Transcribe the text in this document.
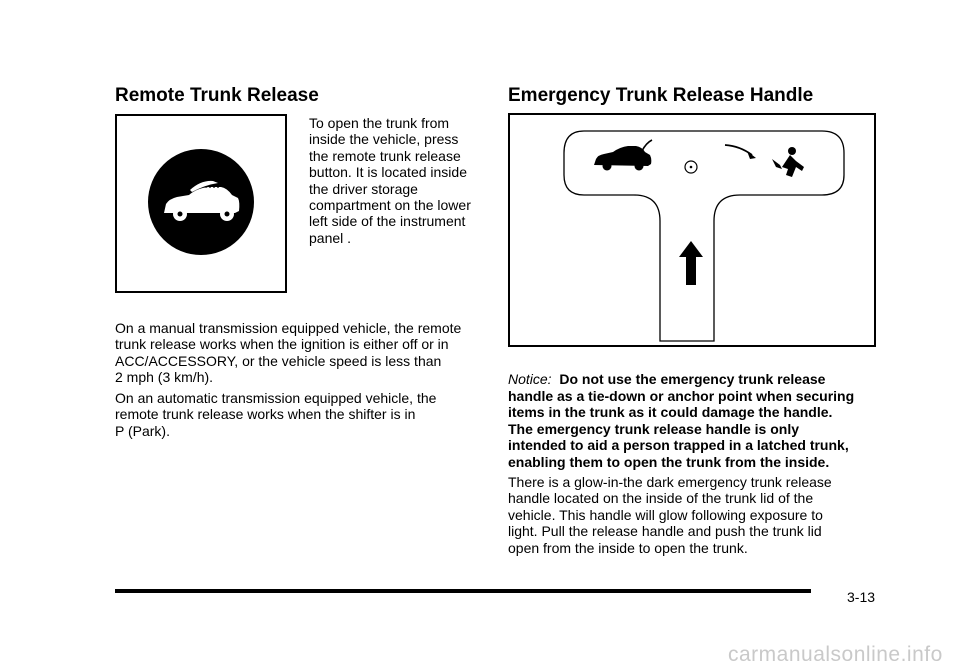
Remote Trunk Release
To open the trunk from
inside the vehicle, press
the remote trunk release
button. It is located inside
the driver storage
compartment on the lower
left side of the instrument
panel .
On a manual transmission equipped vehicle, the remote
trunk release works when the ignition is either off or in
ACC/ACCESSORY, or the vehicle speed is less than
2 mph (3 km/h).
On an automatic transmission equipped vehicle, the
remote trunk release works when the shifter is in
P (Park).
Emergency Trunk Release Handle
Notice: Do not use the emergency trunk release
handle as a tie-down or anchor point when securing
items in the trunk as it could damage the handle.
The emergency trunk release handle is only
intended to aid a person trapped in a latched trunk,
enabling them to open the trunk from the inside.
There is a glow-in-the dark emergency trunk release
handle located on the inside of the trunk lid of the
vehicle. This handle will glow following exposure to
light. Pull the release handle and push the trunk lid
open from the inside to open the trunk.
3-13
carmanualsonline.info
